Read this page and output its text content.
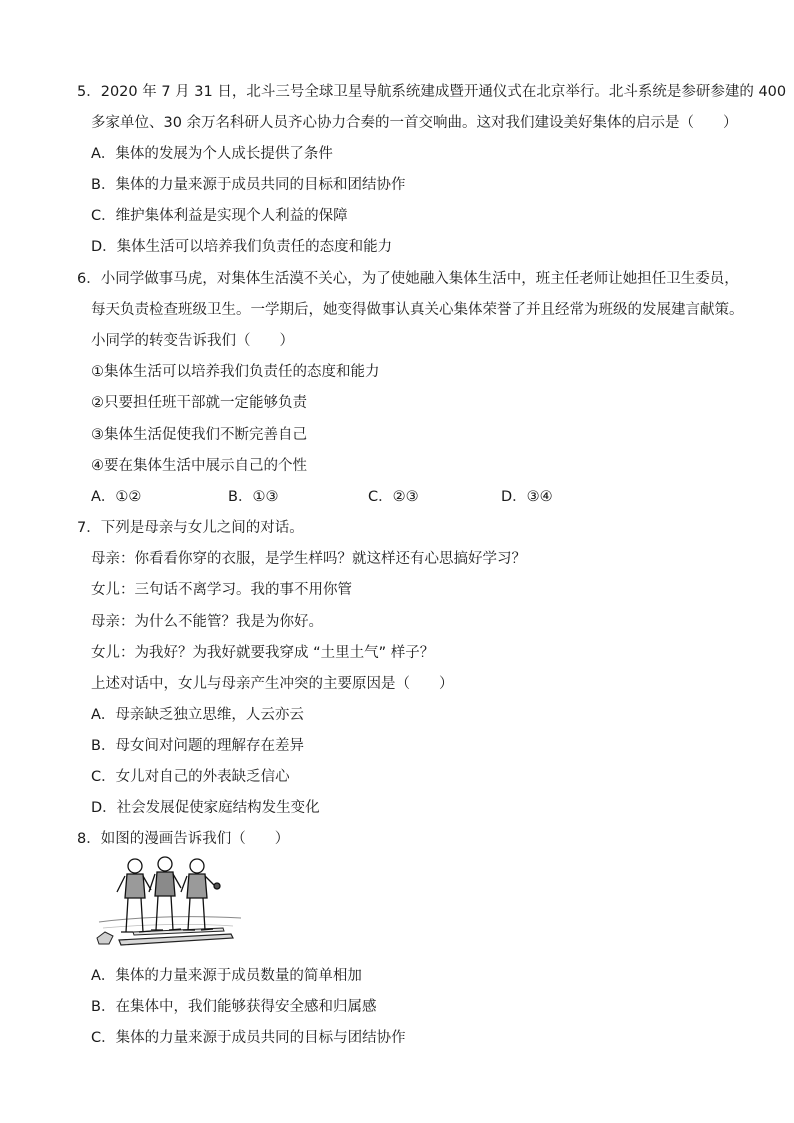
5．2020 年 7 月 31 日，北斗三号全球卫星导航系统建成暨开通仪式在北京举行。北斗系统是参研参建的 400
多家单位、30 余万名科研人员齐心协力合奏的一首交响曲。这对我们建设美好集体的启示是（　　）
A．集体的发展为个人成长提供了条件
B．集体的力量来源于成员共同的目标和团结协作
C．维护集体利益是实现个人利益的保障
D．集体生活可以培养我们负责任的态度和能力
6．小同学做事马虎，对集体生活漠不关心，为了使她融入集体生活中，班主任老师让她担任卫生委员，
每天负责检查班级卫生。一学期后，她变得做事认真关心集体荣誉了并且经常为班级的发展建言献策。
小同学的转变告诉我们（　　）
①集体生活可以培养我们负责任的态度和能力
②只要担任班干部就一定能够负责
③集体生活促使我们不断完善自己
④要在集体生活中展示自己的个性
A．①②	B．①③	C．②③	D．③④
7．下列是母亲与女儿之间的对话。
母亲：你看看你穿的衣服，是学生样吗？就这样还有心思搞好学习？
女儿：三句话不离学习。我的事不用你管
母亲：为什么不能管？我是为你好。
女儿：为我好？为我好就要我穿成 “土里土气” 样子？
上述对话中，女儿与母亲产生冲突的主要原因是（　　）
A．母亲缺乏独立思维，人云亦云
B．母女间对问题的理解存在差异
C．女儿对自己的外表缺乏信心
D．社会发展促使家庭结构发生变化
8．如图的漫画告诉我们（　　）
A．集体的力量来源于成员数量的简单相加
B．在集体中，我们能够获得安全感和归属感
C．集体的力量来源于成员共同的目标与团结协作
